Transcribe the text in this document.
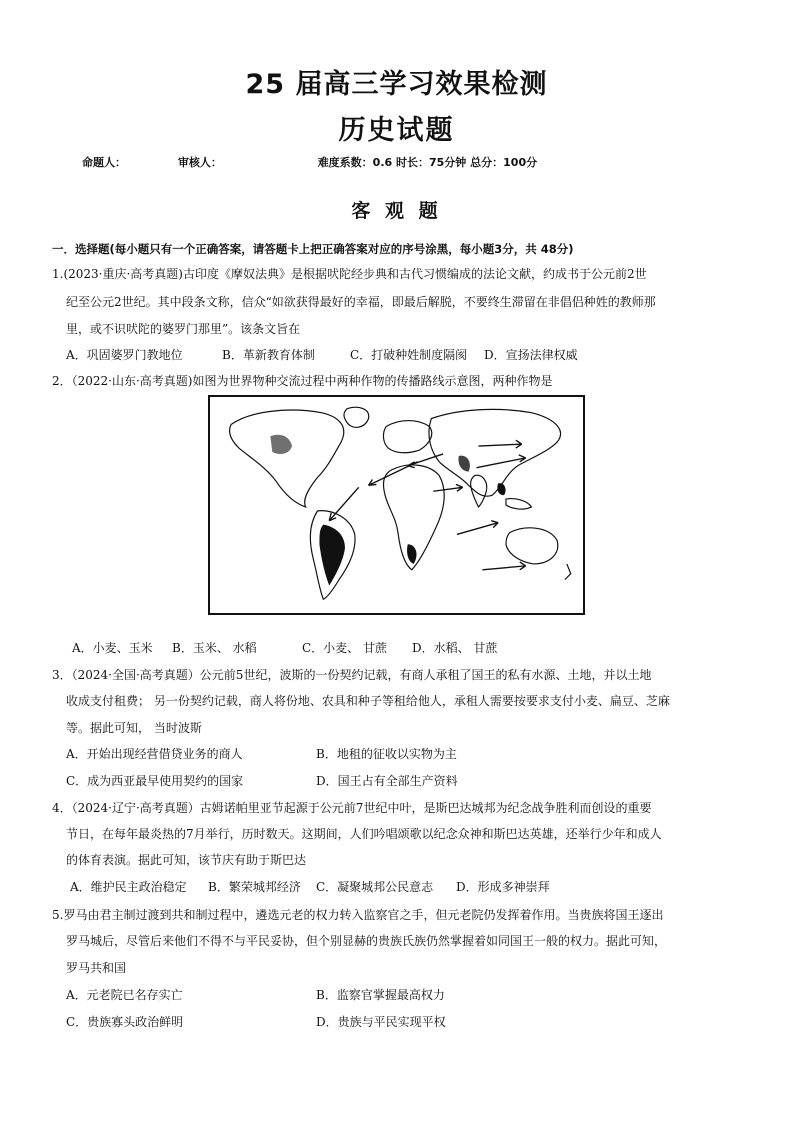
25 届高三学习效果检测
历史试题
命题人：	审核人：	难度系数：0.6 时长：75分钟 总分：100分
客 观 题
一．选择题(每小题只有一个正确答案，请答题卡上把正确答案对应的序号涂黑，每小题3分，共 48分)
1.(2023·重庆·高考真题)古印度《摩奴法典》是根据吠陀经步典和古代习惯编成的法论文献，约成书于公元前2世
纪至公元2世纪。其中段条文称，信众“如欲获得最好的幸福，即最后解脱，不要终生滞留在非倡侣种姓的教师那
里，或不识吠陀的婆罗门那里”。该条文旨在
A．巩固婆罗门教地位	B．革新教育体制	C．打破种姓制度隔阂 D．宣扬法律权威
2．（2022·山东·高考真题)如图为世界物种交流过程中两种作物的传播路线示意图，两种作物是
A．小麦、玉米 B．玉米、 水稻	C．小麦、 甘蔗 D．水稻、 甘蔗
3．（2024·全国·高考真题）公元前5世纪，波斯的一份契约记载，有商人承租了国王的私有水源、土地，并以土地
收成支付租费； 另一份契约记载，商人将份地、农具和种子等租给他人，承租人需要按要求支付小麦、扁豆、芝麻
等。据此可知， 当时波斯
A．开始出现经营借贷业务的商人	B．地租的征收以实物为主
C．成为西亚最早使用契约的国家	D．国王占有全部生产资料
4．（2024·辽宁·高考真题）古姆诺帕里亚节起源于公元前7世纪中叶，是斯巴达城邦为纪念战争胜利而创设的重要
节日，在每年最炎热的7月举行，历时数天。这期间，人们吟唱颂歌以纪念众神和斯巴达英雄，还举行少年和成人
的体育表演。据此可知，该节庆有助于斯巴达
A．维护民主政治稳定 B．繁荣城邦经济 C．凝聚城邦公民意志 D．形成多神崇拜
5.罗马由君主制过渡到共和制过程中，遴选元老的权力转入监察官之手，但元老院仍发挥着作用。当贵族将国王逐出
罗马城后，尽管后来他们不得不与平民妥协，但个别显赫的贵族氏族仍然掌握着如同国王一般的权力。据此可知，
罗马共和国
A．元老院已名存实亡	B．监察官掌握最高权力
C．贵族寡头政治鲜明	D．贵族与平民实现平权
